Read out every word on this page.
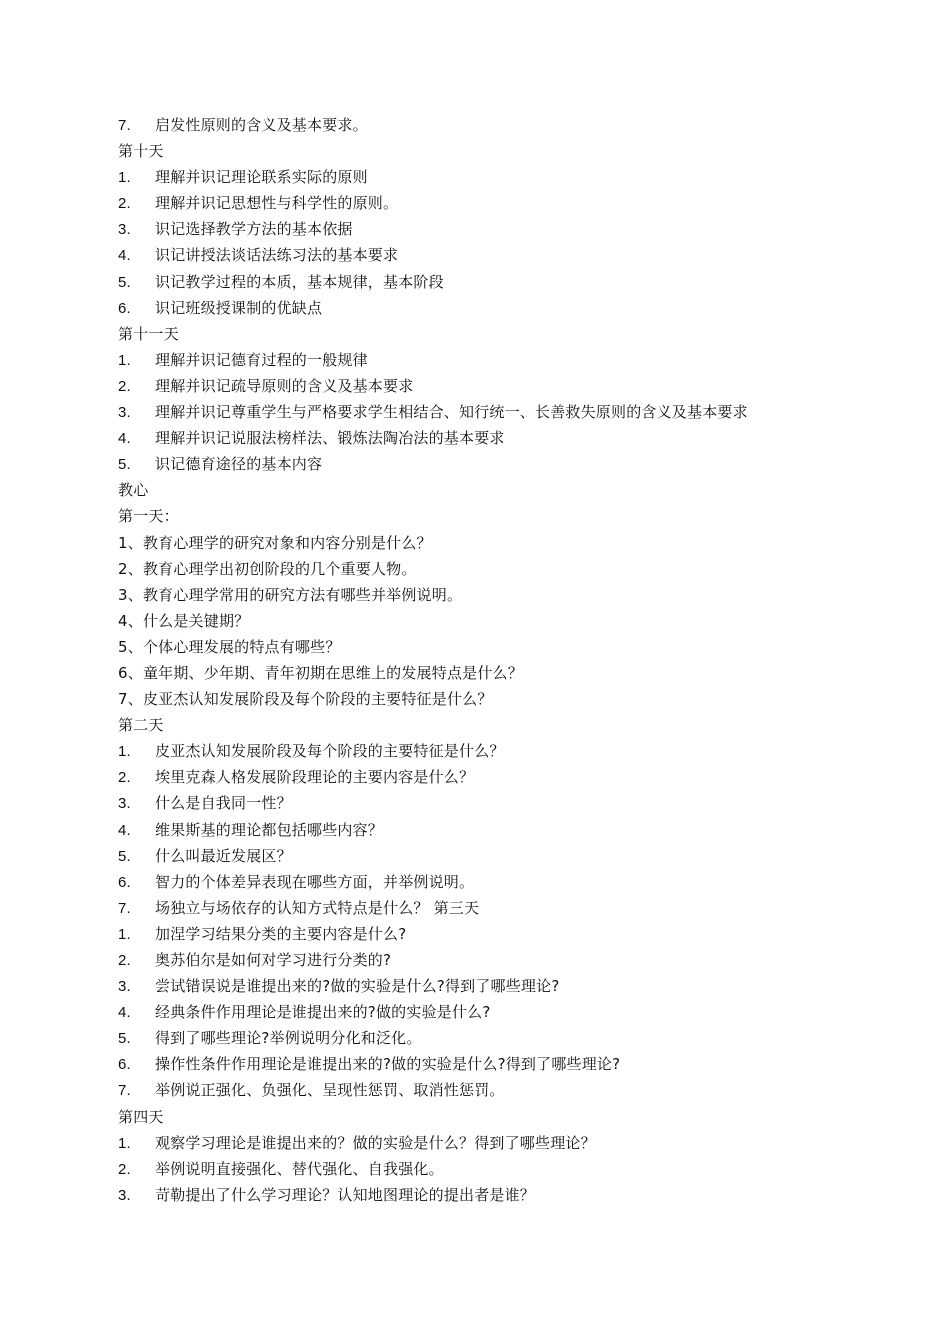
7. 启发性原则的含义及基本要求。
第十天
1. 理解并识记理论联系实际的原则
2. 理解并识记思想性与科学性的原则。
3. 识记选择教学方法的基本依据
4. 识记讲授法谈话法练习法的基本要求
5. 识记教学过程的本质，基本规律，基本阶段
6. 识记班级授课制的优缺点
第十一天
1. 理解并识记德育过程的一般规律
2. 理解并识记疏导原则的含义及基本要求
3. 理解并识记尊重学生与严格要求学生相结合、知行统一、长善救失原则的含义及基本要求
4. 理解并识记说服法榜样法、锻炼法陶冶法的基本要求
5. 识记德育途径的基本内容
教心
第一天：
1、教育心理学的研究对象和内容分别是什么？
2、教育心理学出初创阶段的几个重要人物。
3、教育心理学常用的研究方法有哪些并举例说明。
4、什么是关键期？
5、个体心理发展的特点有哪些？
6、童年期、少年期、青年初期在思维上的发展特点是什么？
7、皮亚杰认知发展阶段及每个阶段的主要特征是什么？
第二天
1. 皮亚杰认知发展阶段及每个阶段的主要特征是什么？
2. 埃里克森人格发展阶段理论的主要内容是什么？
3. 什么是自我同一性？
4. 维果斯基的理论都包括哪些内容？
5. 什么叫最近发展区？
6. 智力的个体差异表现在哪些方面，并举例说明。
7. 场独立与场依存的认知方式特点是什么？ 第三天
1. 加涅学习结果分类的主要内容是什么?
2. 奥苏伯尔是如何对学习进行分类的?
3. 尝试错误说是谁提出来的?做的实验是什么?得到了哪些理论?
4. 经典条件作用理论是谁提出来的?做的实验是什么?
5. 得到了哪些理论?举例说明分化和泛化。
6. 操作性条件作用理论是谁提出来的?做的实验是什么?得到了哪些理论?
7. 举例说正强化、负强化、呈现性惩罚、取消性惩罚。
第四天
1. 观察学习理论是谁提出来的？做的实验是什么？得到了哪些理论？
2. 举例说明直接强化、替代强化、自我强化。
3. 苛勒提出了什么学习理论？认知地图理论的提出者是谁？
